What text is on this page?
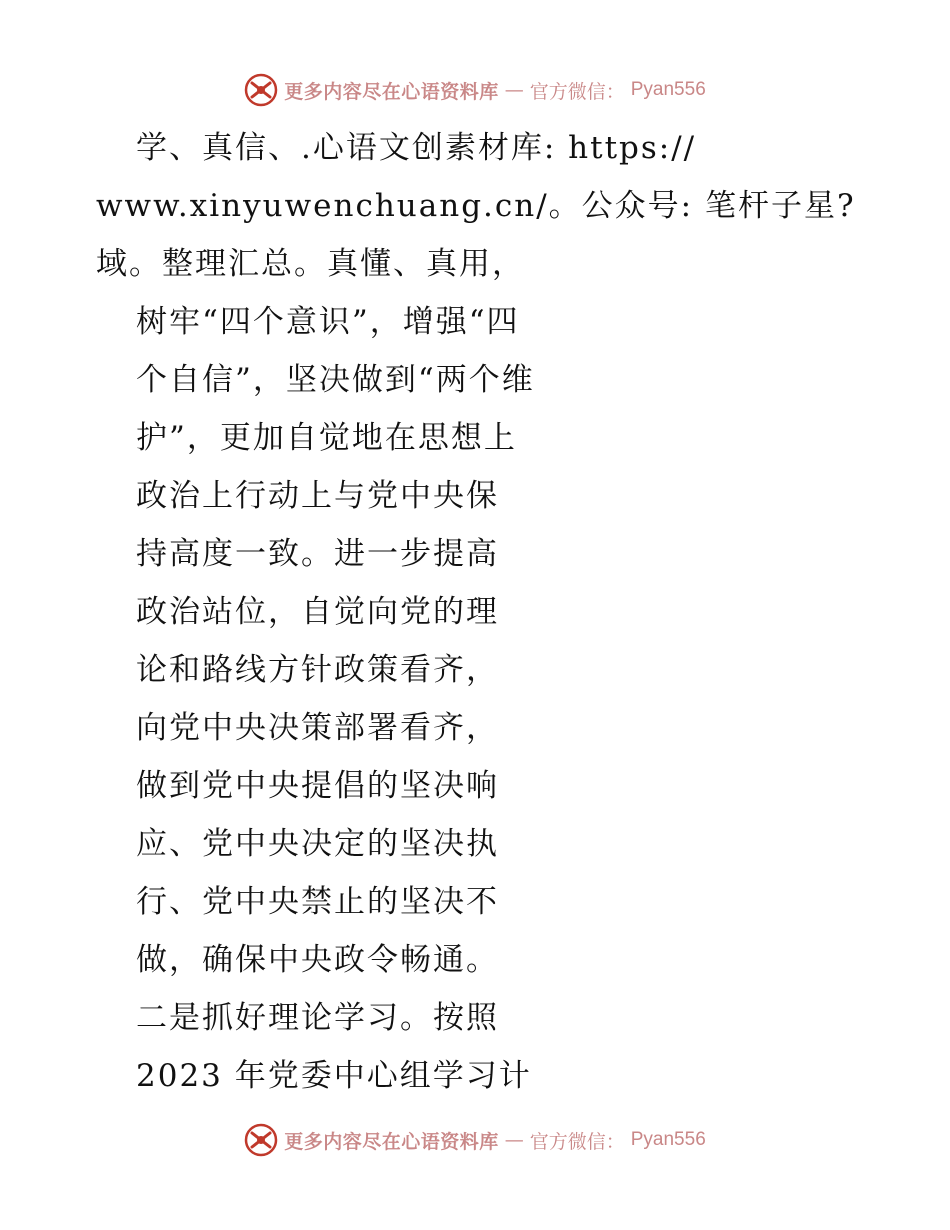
更多内容尽在心语资料库 — 官方微信： Pyan556
学、真信、.心语文创素材库: https://
www.xinyuwenchuang.cn/。公众号: 笔杆子星?
域。整理汇总。真懂、真用，
树牢“四个意识”，增强“四
个自信”，坚决做到“两个维
护”，更加自觉地在思想上
政治上行动上与党中央保
持高度一致。进一步提高
政治站位，自觉向党的理
论和路线方针政策看齐，
向党中央决策部署看齐，
做到党中央提倡的坚决响
应、党中央决定的坚决执
行、党中央禁止的坚决不
做，确保中央政令畅通。
二是抓好理论学习。按照
2023 年党委中心组学习计
更多内容尽在心语资料库 — 官方微信： Pyan556
